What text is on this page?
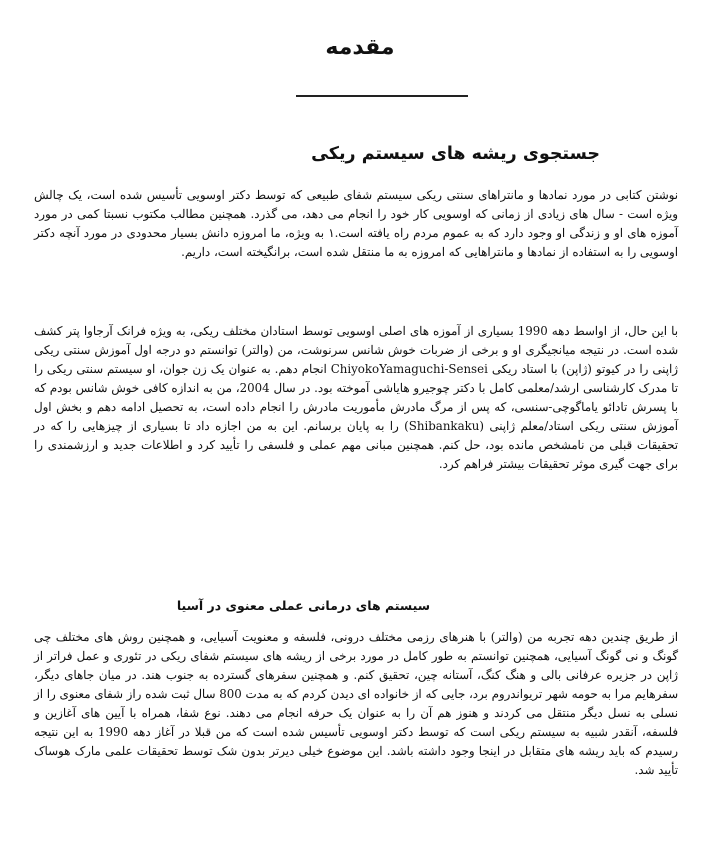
مقدمه
جستجوی ریشه های سیستم ریکی

نوشتن کتابی در مورد نمادها و مانتراهای سنتی ریکی سیستم شفای طبیعی که توسط دکتر اوسویی تأسیس شده است، یک چالش ویژه است - سال های زیادی از زمانی که اوسویی کار خود را انجام می دهد، می گذرد. همچنین مطالب مکتوب نسبتا کمی در مورد آموزه های او و زندگی او وجود دارد که به عموم مردم راه یافته است.۱ به ویژه، ما امروزه دانش بسیار محدودی در مورد آنچه دکتر اوسویی را به استفاده از نمادها و مانتراهایی که امروزه به ما منتقل شده است، برانگیخته است، داریم.

با این حال، از اواسط دهه 1990 بسیاری از آموزه های اصلی اوسویی توسط استادان مختلف ریکی، به ویژه فرانک آرجاوا پتر کشف شده است. در نتیجه میانجیگری او و برخی از ضربات خوش شانس سرنوشت، من (والتر) توانستم دو درجه اول آموزش سنتی ریکی ژاپنی را در کیوتو (ژاپن) با استاد ریکی ChiyokoYamaguchi-Sensei انجام دهم. به عنوان یک زن جوان، او سیستم سنتی ریکی را تا مدرک کارشناسی ارشد/معلمی کامل با دکتر چوجیرو هایاشی آموخته بود. در سال 2004، من به اندازه کافی خوش شانس بودم که با پسرش تادائو یاماگوچی-سنسی، که پس از مرگ مادرش مأموریت مادرش را انجام داده است، به تحصیل ادامه دهم و بخش اول آموزش سنتی ریکی استاد/معلم ژاپنی (Shibankaku) را به پایان برسانم. این به من اجازه داد تا بسیاری از چیزهایی را که در تحقیقات قبلی من نامشخص مانده بود، حل کنم. همچنین مبانی مهم عملی و فلسفی را تأیید کرد و اطلاعات جدید و ارزشمندی را برای جهت گیری موثر تحقیقات بیشتر فراهم کرد.

سیستم های درمانی عملی معنوی در آسیا

از طریق چندین دهه تجربه من (والتر) با هنرهای رزمی مختلف درونی، فلسفه و معنویت آسیایی، و همچنین روش های مختلف چی گونگ و نی گونگ آسیایی، همچنین توانستم به طور کامل در مورد برخی از ریشه های سیستم شفای ریکی در تئوری و عمل فراتر از ژاپن در جزیره عرفانی بالی و هنگ کنگ، آستانه چین، تحقیق کنم. و همچنین سفرهای گسترده به جنوب هند. در میان جاهای دیگر، سفرهایم مرا به حومه شهر تریواندروم برد، جایی که از خانواده ای دیدن کردم که به مدت 800 سال ثبت شده راز شفای معنوی را از نسلی به نسل دیگر منتقل می کردند و هنوز هم آن را به عنوان یک حرفه انجام می دهند. نوع شفا، همراه با آیین های آغازین و فلسفه، آنقدر شبیه به سیستم ریکی است که توسط دکتر اوسویی تأسیس شده است که من قبلا در آغاز دهه 1990 به این نتیجه رسیدم که باید ریشه های متقابل در اینجا وجود داشته باشد. این موضوع خیلی دیرتر بدون شک توسط تحقیقات علمی مارک هوساک تأیید شد.
